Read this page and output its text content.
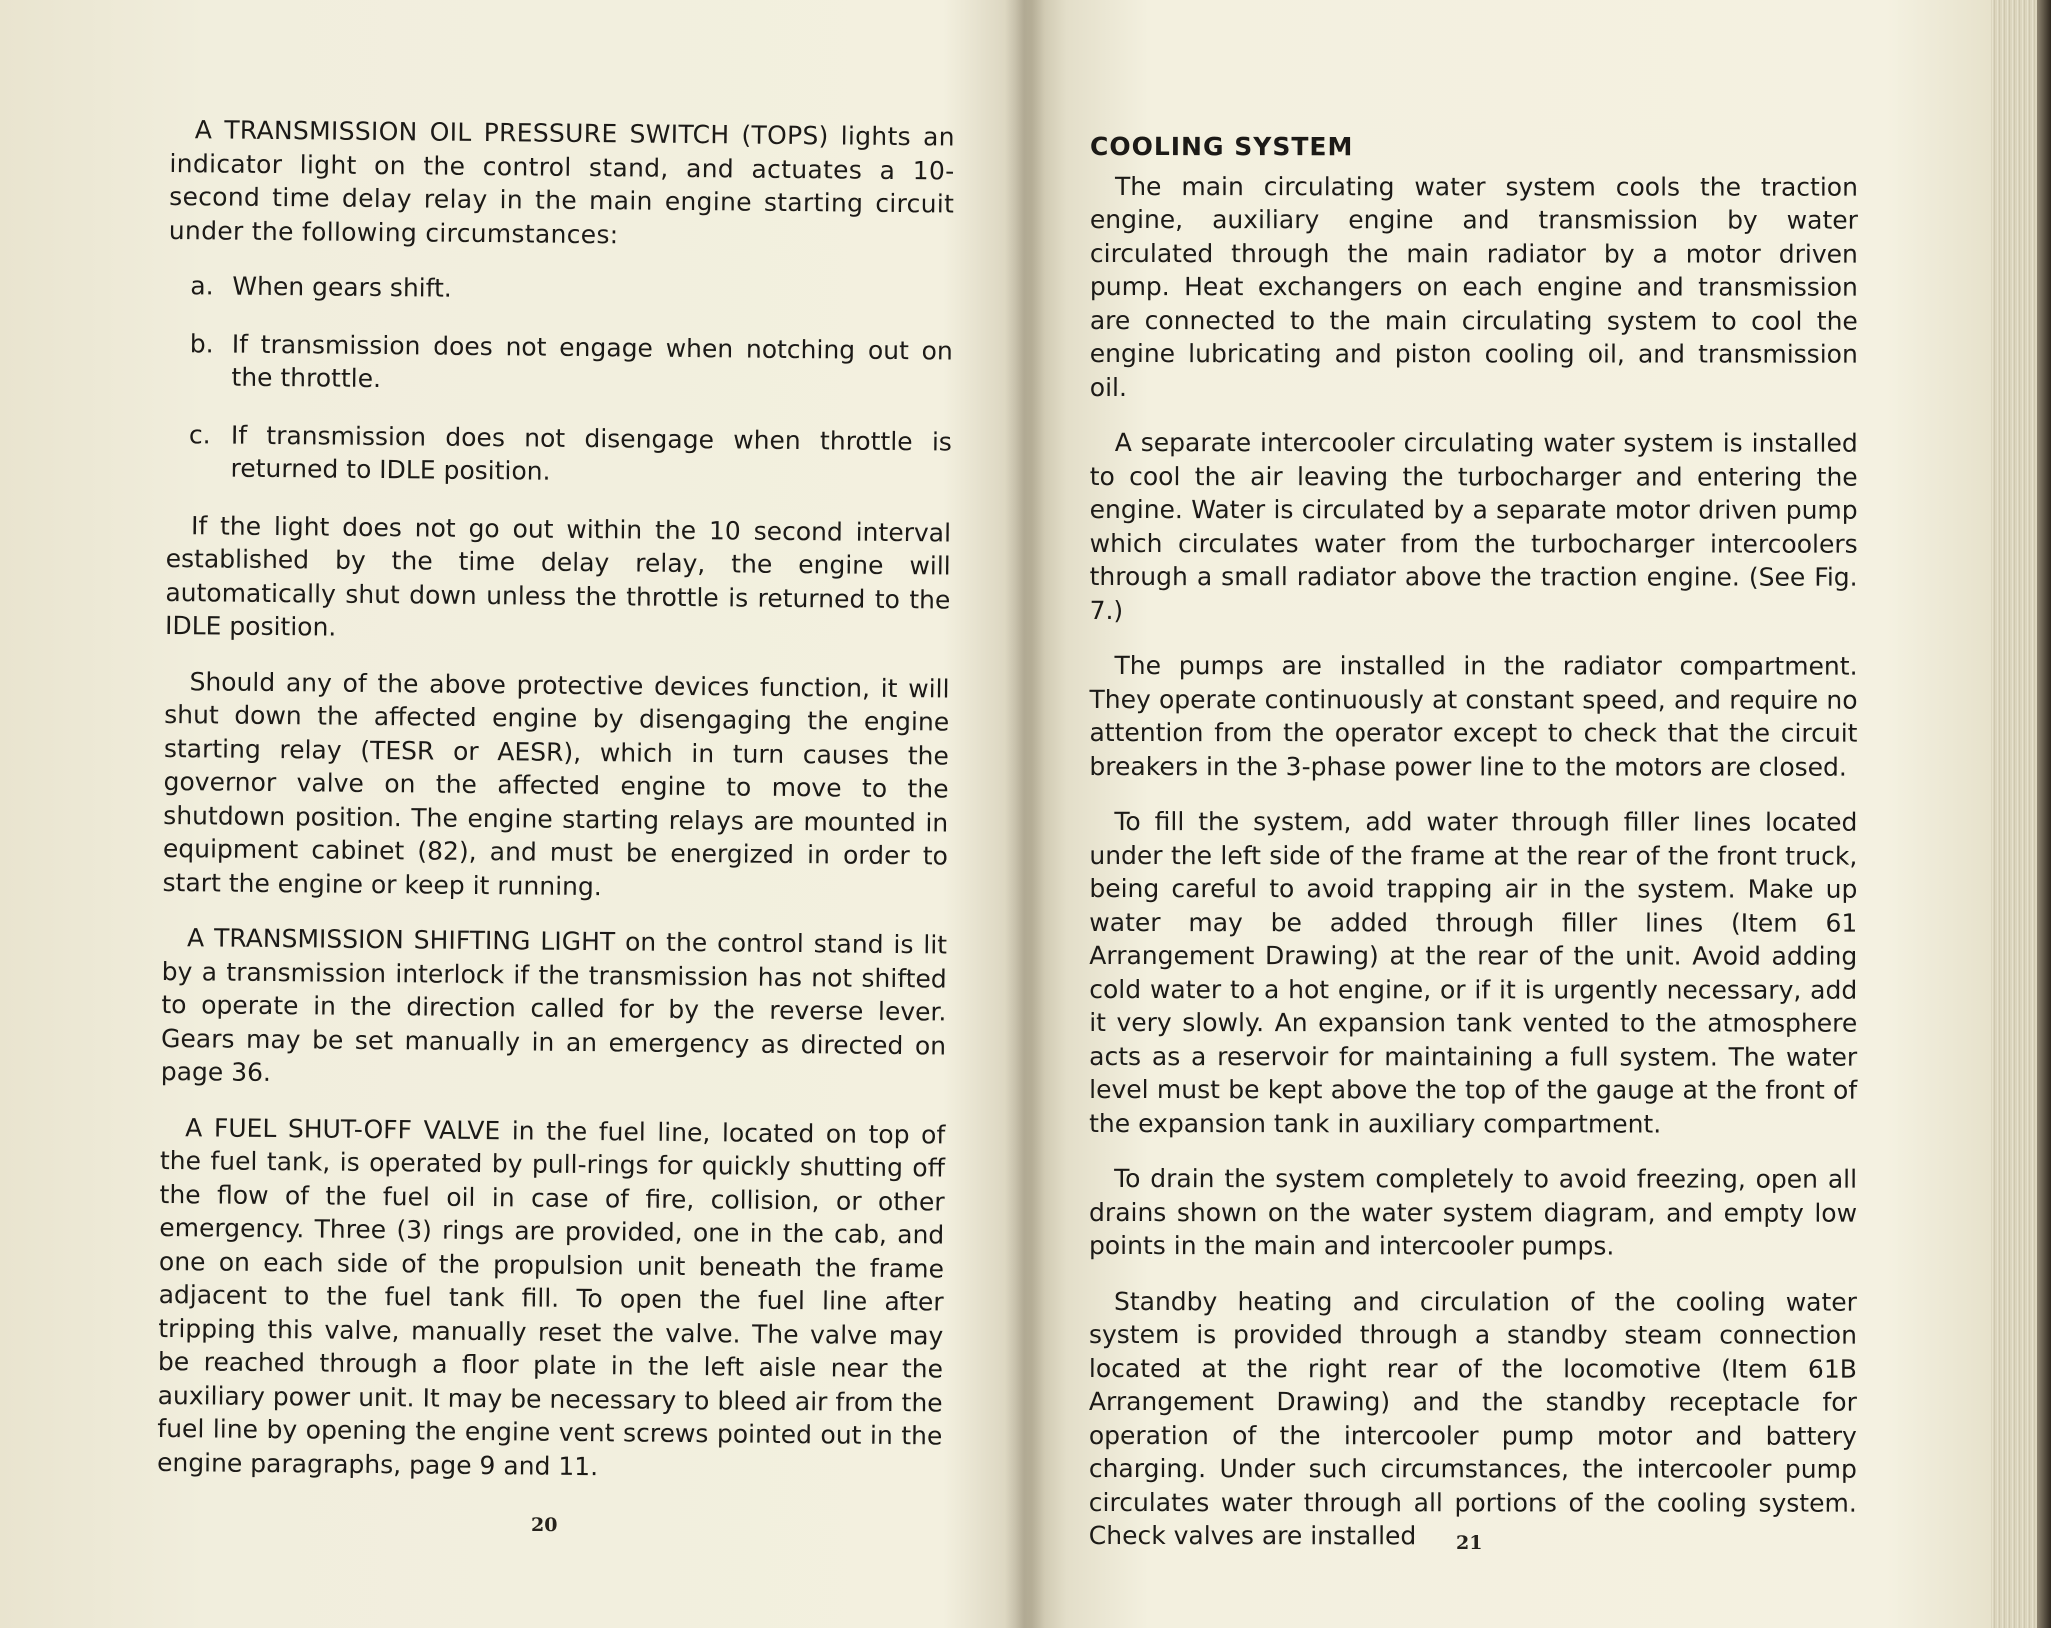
A TRANSMISSION OIL PRESSURE SWITCH (TOPS) lights an indicator light on the control stand, and actuates a 10-second time delay relay in the main engine starting circuit under the following circumstances:

a. When gears shift.
b. If transmission does not engage when notching out on the throttle.
c. If transmission does not disengage when throttle is returned to IDLE position.

If the light does not go out within the 10 second interval established by the time delay relay, the engine will automatically shut down unless the throttle is returned to the IDLE position.

Should any of the above protective devices function, it will shut down the affected engine by disengaging the engine starting relay (TESR or AESR), which in turn causes the governor valve on the affected engine to move to the shutdown position. The engine starting relays are mounted in equipment cabinet (82), and must be energized in order to start the engine or keep it running.

A TRANSMISSION SHIFTING LIGHT on the control stand is lit by a transmission interlock if the transmission has not shifted to operate in the direction called for by the reverse lever. Gears may be set manually in an emergency as directed on page 36.

A FUEL SHUT-OFF VALVE in the fuel line, located on top of the fuel tank, is operated by pull-rings for quickly shutting off the flow of the fuel oil in case of fire, collision, or other emergency. Three (3) rings are provided, one in the cab, and one on each side of the propulsion unit beneath the frame adjacent to the fuel tank fill. To open the fuel line after tripping this valve, manually reset the valve. The valve may be reached through a floor plate in the left aisle near the auxiliary power unit. It may be necessary to bleed air from the fuel line by opening the engine vent screws pointed out in the engine paragraphs, page 9 and 11.

COOLING SYSTEM

The main circulating water system cools the traction engine, auxiliary engine and transmission by water circulated through the main radiator by a motor driven pump. Heat exchangers on each engine and transmission are connected to the main circulating system to cool the engine lubricating and piston cooling oil, and transmission oil.

A separate intercooler circulating water system is installed to cool the air leaving the turbocharger and entering the engine. Water is circulated by a separate motor driven pump which circulates water from the turbocharger intercoolers through a small radiator above the traction engine. (See Fig. 7.)

The pumps are installed in the radiator compartment. They operate continuously at constant speed, and require no attention from the operator except to check that the circuit breakers in the 3-phase power line to the motors are closed.

To fill the system, add water through filler lines located under the left side of the frame at the rear of the front truck, being careful to avoid trapping air in the system. Make up water may be added through filler lines (Item 61 Arrangement Drawing) at the rear of the unit. Avoid adding cold water to a hot engine, or if it is urgently necessary, add it very slowly. An expansion tank vented to the atmosphere acts as a reservoir for maintaining a full system. The water level must be kept above the top of the gauge at the front of the expansion tank in auxiliary compartment.

To drain the system completely to avoid freezing, open all drains shown on the water system diagram, and empty low points in the main and intercooler pumps.

Standby heating and circulation of the cooling water system is provided through a standby steam connection located at the right rear of the locomotive (Item 61B Arrangement Drawing) and the standby receptacle for operation of the intercooler pump motor and battery charging. Under such circumstances, the intercooler pump circulates water through all portions of the cooling system. Check valves are installed

20
21
